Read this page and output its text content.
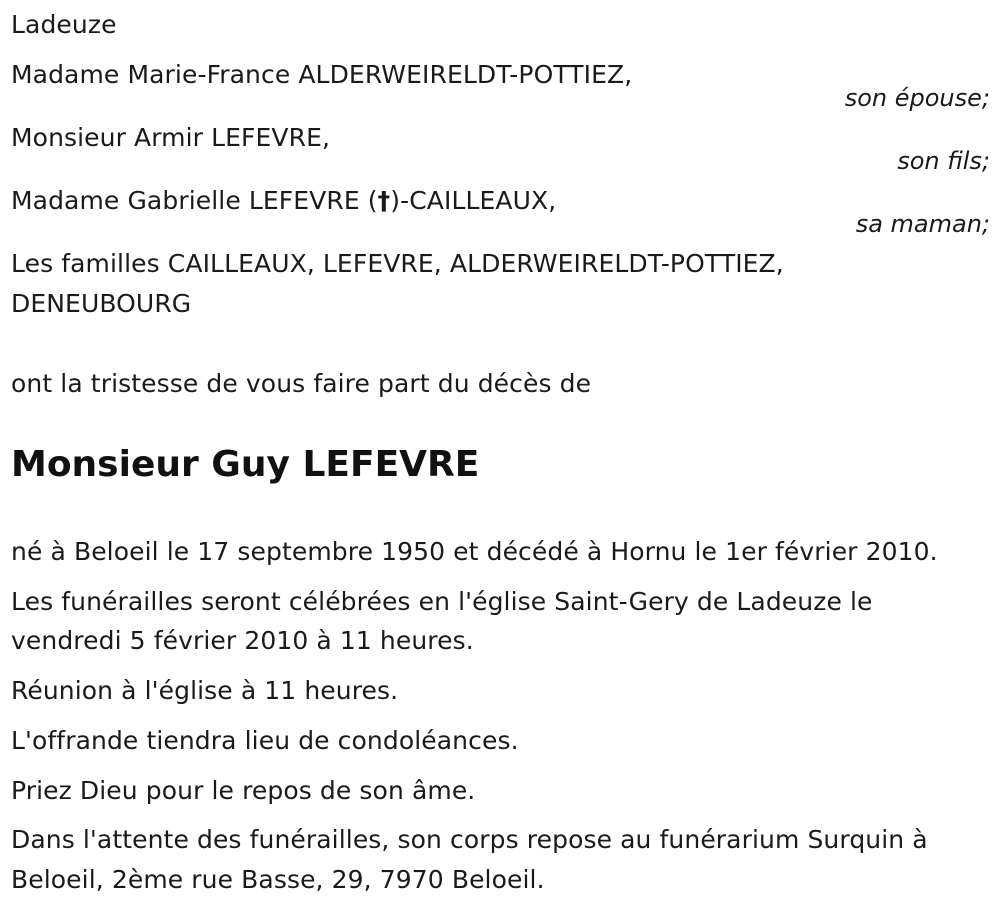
Ladeuze
Madame Marie-France ALDERWEIRELDT-POTTIEZ,
son épouse;
Monsieur Armir LEFEVRE,
son fils;
Madame Gabrielle LEFEVRE (†)-CAILLEAUX,
sa maman;
Les familles CAILLEAUX, LEFEVRE, ALDERWEIRELDT-POTTIEZ,
DENEUBOURG
ont la tristesse de vous faire part du décès de
Monsieur Guy LEFEVRE
né à Beloeil le 17 septembre 1950 et décédé à Hornu le 1er février 2010.
Les funérailles seront célébrées en l'église Saint-Gery de Ladeuze le
vendredi 5 février 2010 à 11 heures.
Réunion à l'église à 11 heures.
L'offrande tiendra lieu de condoléances.
Priez Dieu pour le repos de son âme.
Dans l'attente des funérailles, son corps repose au funérarium Surquin à
Beloeil, 2ème rue Basse, 29, 7970 Beloeil.
